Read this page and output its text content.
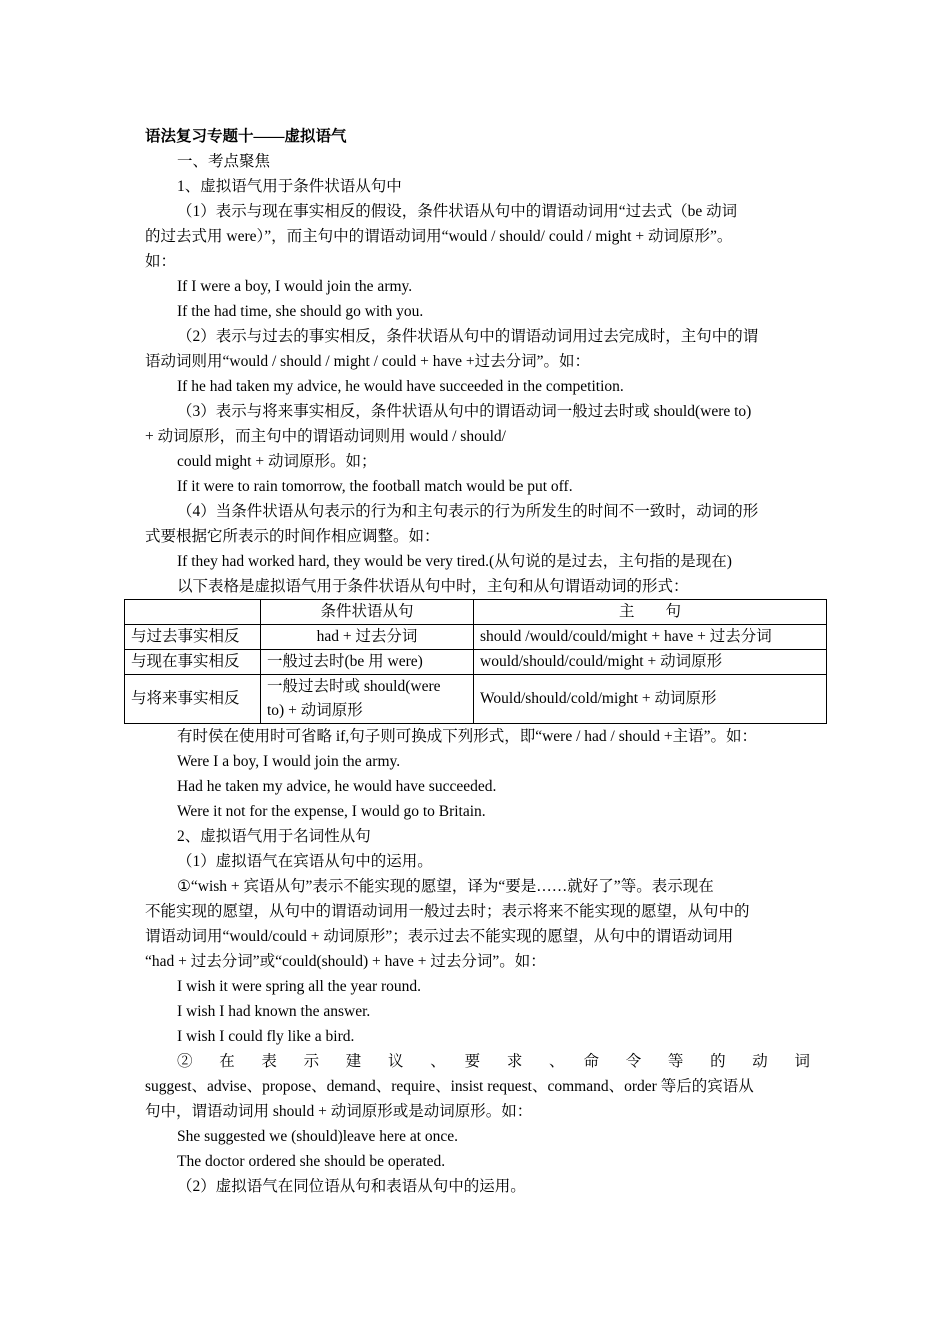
语法复习专题十——虚拟语气
一、考点聚焦
1、虚拟语气用于条件状语从句中
（1）表示与现在事实相反的假设，条件状语从句中的谓语动词用“过去式（be 动词
的过去式用 were）”，而主句中的谓语动词用“would / should/ could / might + 动词原形”。
如：
If I were a boy, I would join the army.
If the had time, she should go with you.
（2）表示与过去的事实相反，条件状语从句中的谓语动词用过去完成时，主句中的谓
语动词则用“would / should / might / could + have +过去分词”。如：
If he had taken my advice, he would have succeeded in the competition.
（3）表示与将来事实相反，条件状语从句中的谓语动词一般过去时或 should(were to)
+ 动词原形，而主句中的谓语动词则用 would / should/
could might + 动词原形。如；
If it were to rain tomorrow, the football match would be put off.
（4）当条件状语从句表示的行为和主句表示的行为所发生的时间不一致时，动词的形
式要根据它所表示的时间作相应调整。如：
If they had worked hard, they would be very tired.(从句说的是过去，主句指的是现在)
以下表格是虚拟语气用于条件状语从句中时，主句和从句谓语动词的形式：
	条件状语从句	主　　句
与过去事实相反	had + 过去分词	should /would/could/might + have + 过去分词
与现在事实相反	一般过去时(be 用 were)	would/should/could/might + 动词原形
与将来事实相反	一般过去时或 should(were
to) + 动词原形	Would/should/cold/might + 动词原形
有时侯在使用时可省略 if,句子则可换成下列形式，即“were / had / should +主语”。如：
Were I a boy, I would join the army.
Had he taken my advice, he would have succeeded.
Were it not for the expense, I would go to Britain.
2、虚拟语气用于名词性从句
（1）虚拟语气在宾语从句中的运用。
①“wish + 宾语从句”表示不能实现的愿望，译为“要是……就好了”等。表示现在
不能实现的愿望，从句中的谓语动词用一般过去时；表示将来不能实现的愿望，从句中的
谓语动词用“would/could + 动词原形”；表示过去不能实现的愿望，从句中的谓语动词用
“had + 过去分词”或“could(should) + have + 过去分词”。如：
I wish it were spring all the year round.
I wish I had known the answer.
I wish I could fly like a bird.
②　在　表　示　建　议　、　要　求　、　命　令　等　的　动　词
suggest、advise、propose、demand、require、insist request、command、order 等后的宾语从
句中，谓语动词用 should + 动词原形或是动词原形。如：
She suggested we (should)leave here at once.
The doctor ordered she should be operated.
（2）虚拟语气在同位语从句和表语从句中的运用。
